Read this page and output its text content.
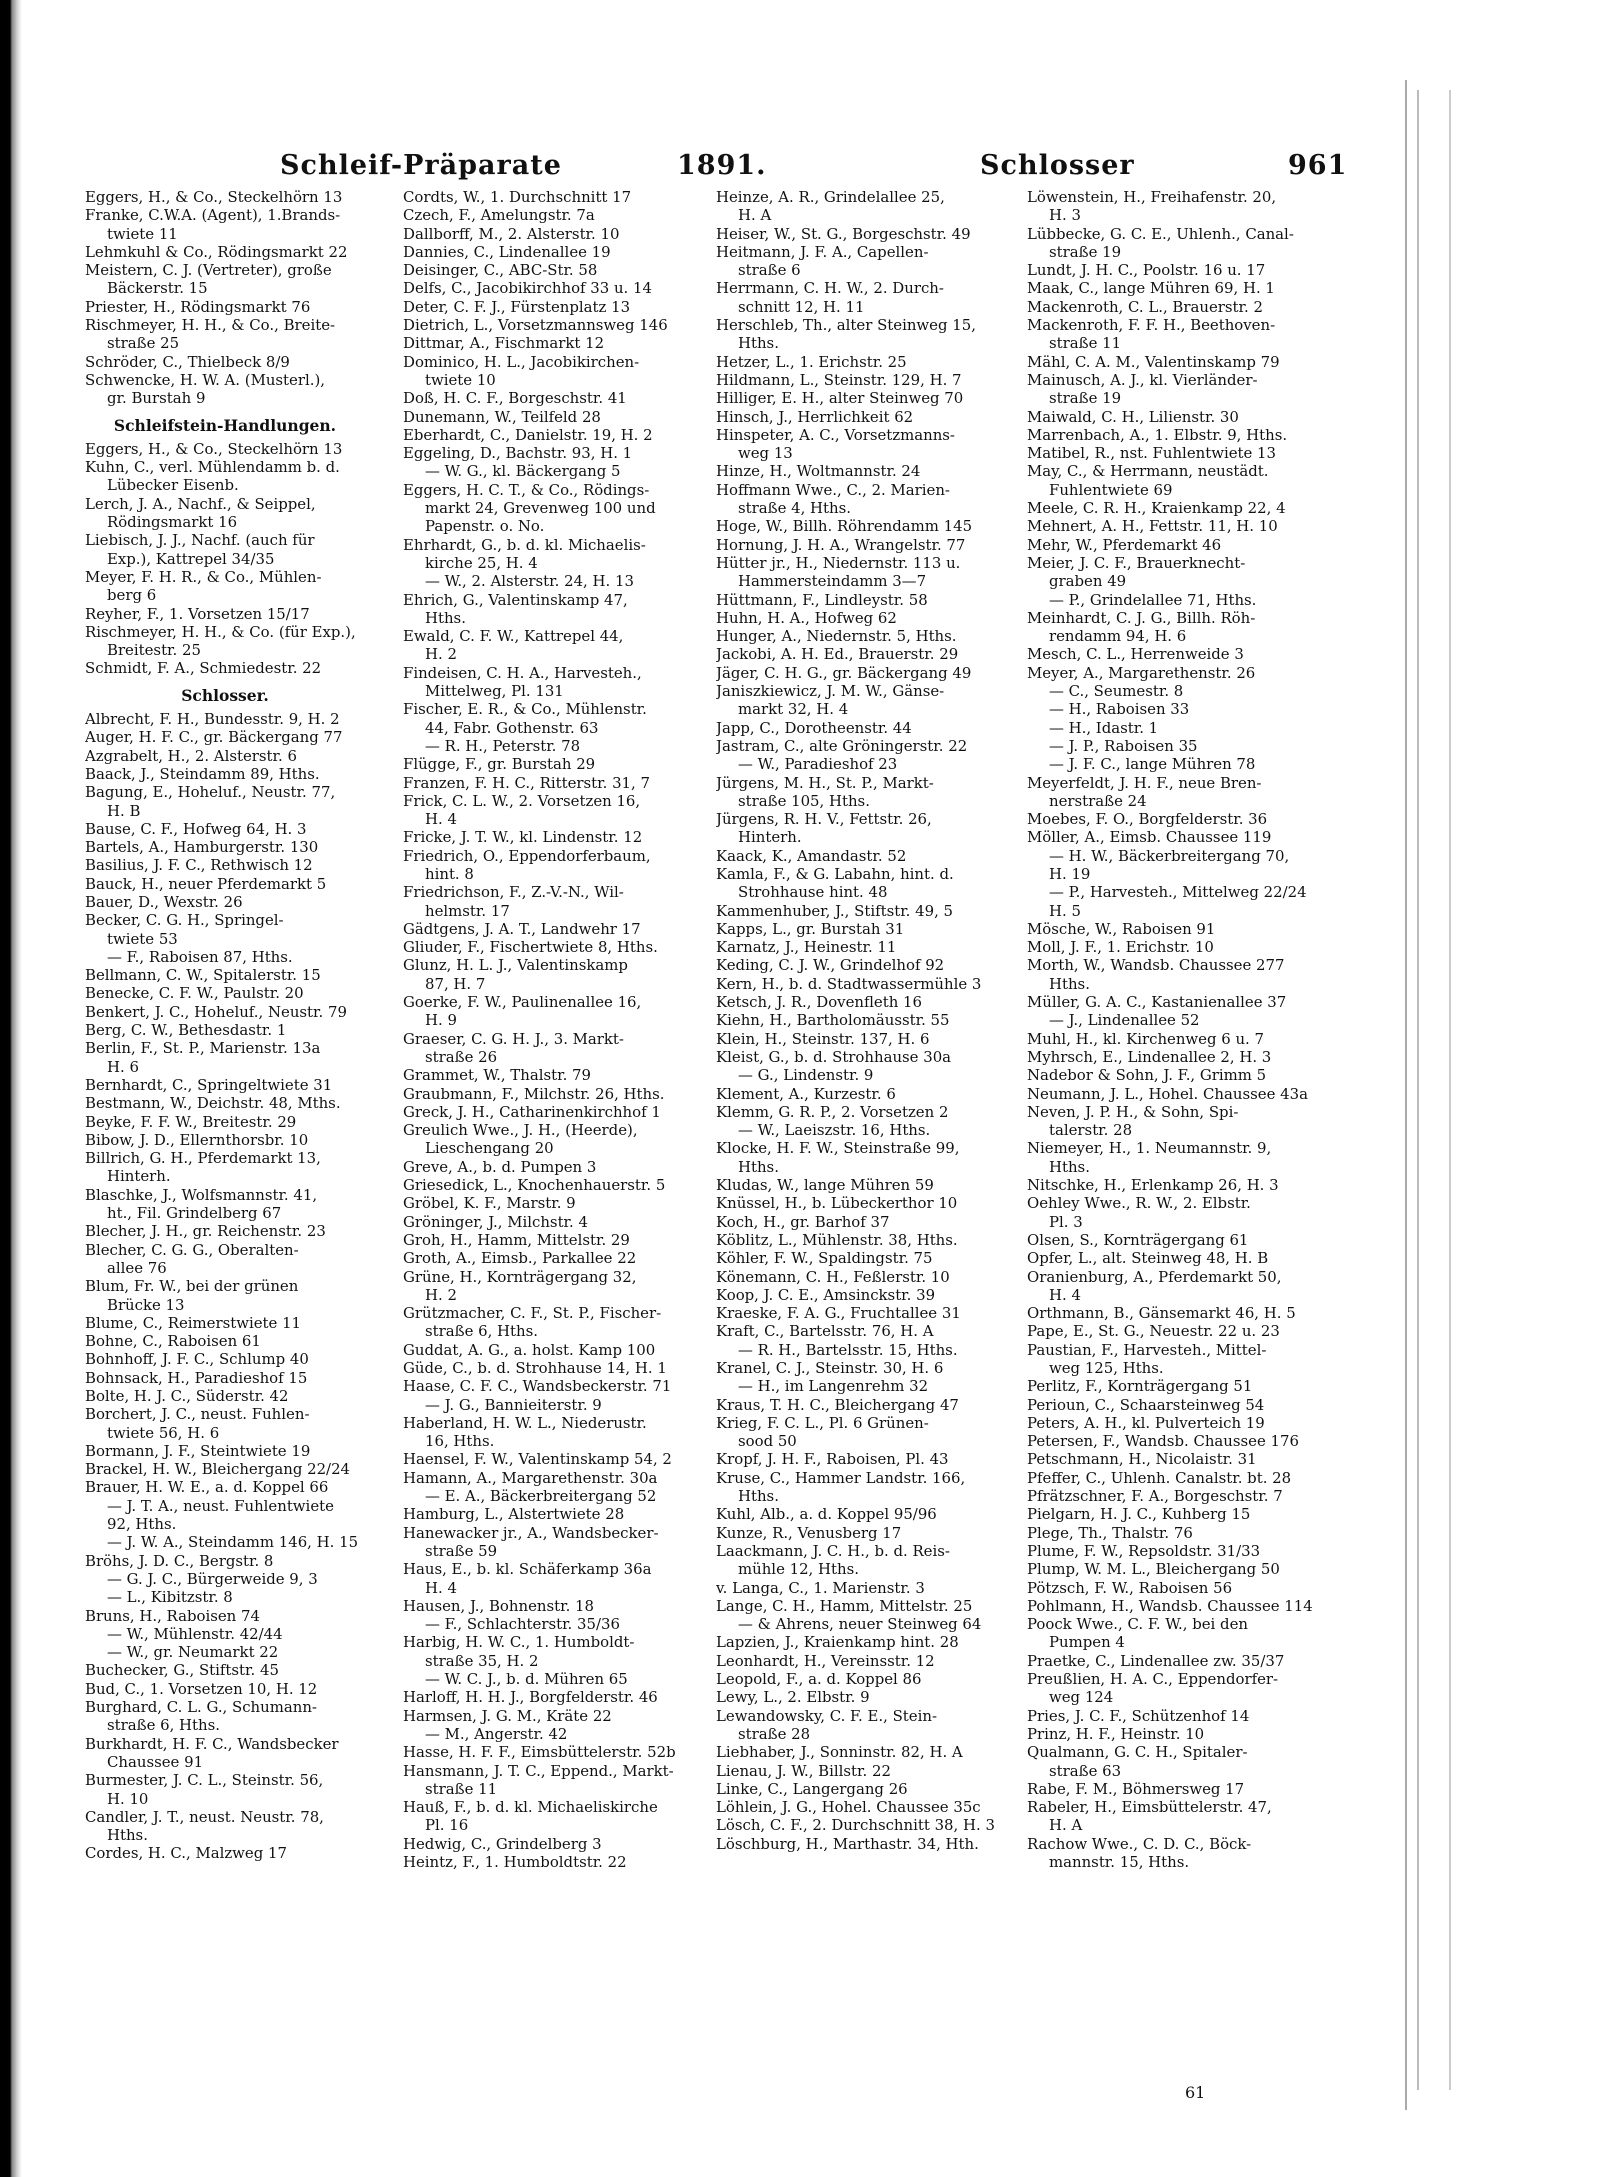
Schleif-Präparate	1891.	Schlosser	961
Eggers, H., & Co., Steckelhörn 13
Franke, C.W.A. (Agent), 1.Brands-
twiete 11
Lehmkuhl & Co., Rödingsmarkt 22
Meistern, C. J. (Vertreter), große
Bäckerstr. 15
Priester, H., Rödingsmarkt 76
Rischmeyer, H. H., & Co., Breite-
straße 25
Schröder, C., Thielbeck 8/9
Schwencke, H. W. A. (Musterl.),
gr. Burstah 9
Schleifstein-Handlungen.
Eggers, H., & Co., Steckelhörn 13
Kuhn, C., verl. Mühlendamm b. d.
Lübecker Eisenb.
Lerch, J. A., Nachf., & Seippel,
Rödingsmarkt 16
Liebisch, J. J., Nachf. (auch für
Exp.), Kattrepel 34/35
Meyer, F. H. R., & Co., Mühlen-
berg 6
Reyher, F., 1. Vorsetzen 15/17
Rischmeyer, H. H., & Co. (für Exp.),
Breitestr. 25
Schmidt, F. A., Schmiedestr. 22
Schlosser.
Albrecht, F. H., Bundesstr. 9, H. 2
Auger, H. F. C., gr. Bäckergang 77
Azgrabelt, H., 2. Alsterstr. 6
Baack, J., Steindamm 89, Hths.
Bagung, E., Hoheluf., Neustr. 77,
H. B
Bause, C. F., Hofweg 64, H. 3
Bartels, A., Hamburgerstr. 130
Basilius, J. F. C., Rethwisch 12
Bauck, H., neuer Pferdemarkt 5
Bauer, D., Wexstr. 26
Becker, C. G. H., Springel-
twiete 53
— F., Raboisen 87, Hths.
Bellmann, C. W., Spitalerstr. 15
Benecke, C. F. W., Paulstr. 20
Benkert, J. C., Hoheluf., Neustr. 79
Berg, C. W., Bethesdastr. 1
Berlin, F., St. P., Marienstr. 13a
H. 6
Bernhardt, C., Springeltwiete 31
Bestmann, W., Deichstr. 48, Mths.
Beyke, F. F. W., Breitestr. 29
Bibow, J. D., Ellernthorsbr. 10
Billrich, G. H., Pferdemarkt 13,
Hinterh.
Blaschke, J., Wolfsmannstr. 41,
ht., Fil. Grindelberg 67
Blecher, J. H., gr. Reichenstr. 23
Blecher, C. G. G., Oberalten-
allee 76
Blum, Fr. W., bei der grünen
Brücke 13
Blume, C., Reimerstwiete 11
Bohne, C., Raboisen 61
Bohnhoff, J. F. C., Schlump 40
Bohnsack, H., Paradieshof 15
Bolte, H. J. C., Süderstr. 42
Borchert, J. C., neust. Fuhlen-
twiete 56, H. 6
Bormann, J. F., Steintwiete 19
Brackel, H. W., Bleichergang 22/24
Brauer, H. W. E., a. d. Koppel 66
— J. T. A., neust. Fuhlentwiete
92, Hths.
— J. W. A., Steindamm 146, H. 15
Bröhs, J. D. C., Bergstr. 8
— G. J. C., Bürgerweide 9, 3
— L., Kibitzstr. 8
Bruns, H., Raboisen 74
— W., Mühlenstr. 42/44
— W., gr. Neumarkt 22
Buchecker, G., Stiftstr. 45
Bud, C., 1. Vorsetzen 10, H. 12
Burghard, C. L. G., Schumann-
straße 6, Hths.
Burkhardt, H. F. C., Wandsbecker
Chaussee 91
Burmester, J. C. L., Steinstr. 56,
H. 10
Candler, J. T., neust. Neustr. 78,
Hths.
Cordes, H. C., Malzweg 17
Cordts, W., 1. Durchschnitt 17
Czech, F., Amelungstr. 7a
Dallborff, M., 2. Alsterstr. 10
Dannies, C., Lindenallee 19
Deisinger, C., ABC-Str. 58
Delfs, C., Jacobikirchhof 33 u. 14
Deter, C. F. J., Fürstenplatz 13
Dietrich, L., Vorsetzmannsweg 146
Dittmar, A., Fischmarkt 12
Dominico, H. L., Jacobikirchen-
twiete 10
Doß, H. C. F., Borgeschstr. 41
Dunemann, W., Teilfeld 28
Eberhardt, C., Danielstr. 19, H. 2
Eggeling, D., Bachstr. 93, H. 1
— W. G., kl. Bäckergang 5
Eggers, H. C. T., & Co., Rödings-
markt 24, Grevenweg 100 und
Papenstr. o. No.
Ehrhardt, G., b. d. kl. Michaelis-
kirche 25, H. 4
— W., 2. Alsterstr. 24, H. 13
Ehrich, G., Valentinskamp 47,
Hths.
Ewald, C. F. W., Kattrepel 44,
H. 2
Findeisen, C. H. A., Harvesteh.,
Mittelweg, Pl. 131
Fischer, E. R., & Co., Mühlenstr.
44, Fabr. Gothenstr. 63
— R. H., Peterstr. 78
Flügge, F., gr. Burstah 29
Franzen, F. H. C., Ritterstr. 31, 7
Frick, C. L. W., 2. Vorsetzen 16,
H. 4
Fricke, J. T. W., kl. Lindenstr. 12
Friedrich, O., Eppendorferbaum,
hint. 8
Friedrichson, F., Z.-V.-N., Wil-
helmstr. 17
Gädtgens, J. A. T., Landwehr 17
Gliuder, F., Fischertwiete 8, Hths.
Glunz, H. L. J., Valentinskamp
87, H. 7
Goerke, F. W., Paulinenallee 16,
H. 9
Graeser, C. G. H. J., 3. Markt-
straße 26
Grammet, W., Thalstr. 79
Graubmann, F., Milchstr. 26, Hths.
Greck, J. H., Catharinenkirchhof 1
Greulich Wwe., J. H., (Heerde),
Lieschengang 20
Greve, A., b. d. Pumpen 3
Griesedick, L., Knochenhauerstr. 5
Gröbel, K. F., Marstr. 9
Gröninger, J., Milchstr. 4
Groh, H., Hamm, Mittelstr. 29
Groth, A., Eimsb., Parkallee 22
Grüne, H., Kornträgergang 32,
H. 2
Grützmacher, C. F., St. P., Fischer-
straße 6, Hths.
Guddat, A. G., a. holst. Kamp 100
Güde, C., b. d. Strohhause 14, H. 1
Haase, C. F. C., Wandsbeckerstr. 71
— J. G., Bannieiterstr. 9
Haberland, H. W. L., Niederustr.
16, Hths.
Haensel, F. W., Valentinskamp 54, 2
Hamann, A., Margarethenstr. 30a
— E. A., Bäckerbreitergang 52
Hamburg, L., Alstertwiete 28
Hanewacker jr., A., Wandsbecker-
straße 59
Haus, E., b. kl. Schäferkamp 36a
H. 4
Hausen, J., Bohnenstr. 18
— F., Schlachterstr. 35/36
Harbig, H. W. C., 1. Humboldt-
straße 35, H. 2
— W. C. J., b. d. Mühren 65
Harloff, H. H. J., Borgfelderstr. 46
Harmsen, J. G. M., Kräte 22
— M., Angerstr. 42
Hasse, H. F. F., Eimsbüttelerstr. 52b
Hansmann, J. T. C., Eppend., Markt-
straße 11
Hauß, F., b. d. kl. Michaeliskirche
Pl. 16
Hedwig, C., Grindelberg 3
Heintz, F., 1. Humboldtstr. 22
Heinze, A. R., Grindelallee 25,
H. A
Heiser, W., St. G., Borgeschstr. 49
Heitmann, J. F. A., Capellen-
straße 6
Herrmann, C. H. W., 2. Durch-
schnitt 12, H. 11
Herschleb, Th., alter Steinweg 15,
Hths.
Hetzer, L., 1. Erichstr. 25
Hildmann, L., Steinstr. 129, H. 7
Hilliger, E. H., alter Steinweg 70
Hinsch, J., Herrlichkeit 62
Hinspeter, A. C., Vorsetzmanns-
weg 13
Hinze, H., Woltmannstr. 24
Hoffmann Wwe., C., 2. Marien-
straße 4, Hths.
Hoge, W., Billh. Röhrendamm 145
Hornung, J. H. A., Wrangelstr. 77
Hütter jr., H., Niedernstr. 113 u.
Hammersteindamm 3—7
Hüttmann, F., Lindleystr. 58
Huhn, H. A., Hofweg 62
Hunger, A., Niedernstr. 5, Hths.
Jackobi, A. H. Ed., Brauerstr. 29
Jäger, C. H. G., gr. Bäckergang 49
Janiszkiewicz, J. M. W., Gänse-
markt 32, H. 4
Japp, C., Dorotheenstr. 44
Jastram, C., alte Gröningerstr. 22
— W., Paradieshof 23
Jürgens, M. H., St. P., Markt-
straße 105, Hths.
Jürgens, R. H. V., Fettstr. 26,
Hinterh.
Kaack, K., Amandastr. 52
Kamla, F., & G. Labahn, hint. d.
Strohhause hint. 48
Kammenhuber, J., Stiftstr. 49, 5
Kapps, L., gr. Burstah 31
Karnatz, J., Heinestr. 11
Keding, C. J. W., Grindelhof 92
Kern, H., b. d. Stadtwassermühle 3
Ketsch, J. R., Dovenfleth 16
Kiehn, H., Bartholomäusstr. 55
Klein, H., Steinstr. 137, H. 6
Kleist, G., b. d. Strohhause 30a
— G., Lindenstr. 9
Klement, A., Kurzestr. 6
Klemm, G. R. P., 2. Vorsetzen 2
— W., Laeiszstr. 16, Hths.
Klocke, H. F. W., Steinstraße 99,
Hths.
Kludas, W., lange Mühren 59
Knüssel, H., b. Lübeckerthor 10
Koch, H., gr. Barhof 37
Köblitz, L., Mühlenstr. 38, Hths.
Köhler, F. W., Spaldingstr. 75
Könemann, C. H., Feßlerstr. 10
Koop, J. C. E., Amsinckstr. 39
Kraeske, F. A. G., Fruchtallee 31
Kraft, C., Bartelsstr. 76, H. A
— R. H., Bartelsstr. 15, Hths.
Kranel, C. J., Steinstr. 30, H. 6
— H., im Langenrehm 32
Kraus, T. H. C., Bleichergang 47
Krieg, F. C. L., Pl. 6 Grünen-
sood 50
Kropf, J. H. F., Raboisen, Pl. 43
Kruse, C., Hammer Landstr. 166,
Hths.
Kuhl, Alb., a. d. Koppel 95/96
Kunze, R., Venusberg 17
Laackmann, J. C. H., b. d. Reis-
mühle 12, Hths.
v. Langa, C., 1. Marienstr. 3
Lange, C. H., Hamm, Mittelstr. 25
— & Ahrens, neuer Steinweg 64
Lapzien, J., Kraienkamp hint. 28
Leonhardt, H., Vereinsstr. 12
Leopold, F., a. d. Koppel 86
Lewy, L., 2. Elbstr. 9
Lewandowsky, C. F. E., Stein-
straße 28
Liebhaber, J., Sonninstr. 82, H. A
Lienau, J. W., Billstr. 22
Linke, C., Langergang 26
Löhlein, J. G., Hohel. Chaussee 35c
Lösch, C. F., 2. Durchschnitt 38, H. 3
Löschburg, H., Marthastr. 34, Hth.
Löwenstein, H., Freihafenstr. 20,
H. 3
Lübbecke, G. C. E., Uhlenh., Canal-
straße 19
Lundt, J. H. C., Poolstr. 16 u. 17
Maak, C., lange Mühren 69, H. 1
Mackenroth, C. L., Brauerstr. 2
Mackenroth, F. F. H., Beethoven-
straße 11
Mähl, C. A. M., Valentinskamp 79
Mainusch, A. J., kl. Vierländer-
straße 19
Maiwald, C. H., Lilienstr. 30
Marrenbach, A., 1. Elbstr. 9, Hths.
Matibel, R., nst. Fuhlentwiete 13
May, C., & Herrmann, neustädt.
Fuhlentwiete 69
Meele, C. R. H., Kraienkamp 22, 4
Mehnert, A. H., Fettstr. 11, H. 10
Mehr, W., Pferdemarkt 46
Meier, J. C. F., Brauerknecht-
graben 49
— P., Grindelallee 71, Hths.
Meinhardt, C. J. G., Billh. Röh-
rendamm 94, H. 6
Mesch, C. L., Herrenweide 3
Meyer, A., Margarethenstr. 26
— C., Seumestr. 8
— H., Raboisen 33
— H., Idastr. 1
— J. P., Raboisen 35
— J. F. C., lange Mühren 78
Meyerfeldt, J. H. F., neue Bren-
nerstraße 24
Moebes, F. O., Borgfelderstr. 36
Möller, A., Eimsb. Chaussee 119
— H. W., Bäckerbreitergang 70,
H. 19
— P., Harvesteh., Mittelweg 22/24
H. 5
Mösche, W., Raboisen 91
Moll, J. F., 1. Erichstr. 10
Morth, W., Wandsb. Chaussee 277
Hths.
Müller, G. A. C., Kastanienallee 37
— J., Lindenallee 52
Muhl, H., kl. Kirchenweg 6 u. 7
Myhrsch, E., Lindenallee 2, H. 3
Nadebor & Sohn, J. F., Grimm 5
Neumann, J. L., Hohel. Chaussee 43a
Neven, J. P. H., & Sohn, Spi-
talerstr. 28
Niemeyer, H., 1. Neumannstr. 9,
Hths.
Nitschke, H., Erlenkamp 26, H. 3
Oehley Wwe., R. W., 2. Elbstr.
Pl. 3
Olsen, S., Kornträgergang 61
Opfer, L., alt. Steinweg 48, H. B
Oranienburg, A., Pferdemarkt 50,
H. 4
Orthmann, B., Gänsemarkt 46, H. 5
Pape, E., St. G., Neuestr. 22 u. 23
Paustian, F., Harvesteh., Mittel-
weg 125, Hths.
Perlitz, F., Kornträgergang 51
Perioun, C., Schaarsteinweg 54
Peters, A. H., kl. Pulverteich 19
Petersen, F., Wandsb. Chaussee 176
Petschmann, H., Nicolaistr. 31
Pfeffer, C., Uhlenh. Canalstr. bt. 28
Pfrätzschner, F. A., Borgeschstr. 7
Pielgarn, H. J. C., Kuhberg 15
Plege, Th., Thalstr. 76
Plume, F. W., Repsoldstr. 31/33
Plump, W. M. L., Bleichergang 50
Pötzsch, F. W., Raboisen 56
Pohlmann, H., Wandsb. Chaussee 114
Poock Wwe., C. F. W., bei den
Pumpen 4
Praetke, C., Lindenallee zw. 35/37
Preußlien, H. A. C., Eppendorfer-
weg 124
Pries, J. C. F., Schützenhof 14
Prinz, H. F., Heinstr. 10
Qualmann, G. C. H., Spitaler-
straße 63
Rabe, F. M., Böhmersweg 17
Rabeler, H., Eimsbüttelerstr. 47,
H. A
Rachow Wwe., C. D. C., Böck-
mannstr. 15, Hths.
61
